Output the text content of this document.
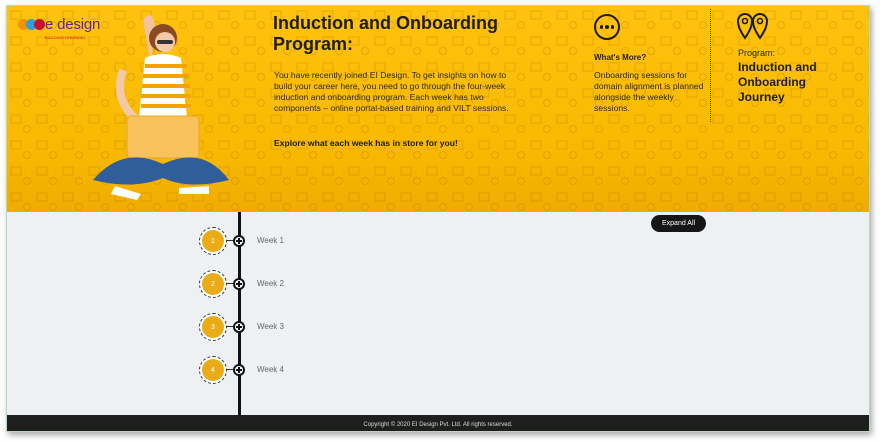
e design
BUILDING LEARNING
Induction and Onboarding Program:
You have recently joined EI Design. To get insights on how to build your career here, you need to go through the four-week induction and onboarding program. Each week has two components – online portal-based training and VILT sessions.
Explore what each week has in store for you!
What's More?
Onboarding sessions for domain alignment is planned alongside the weekly sessions.
Program:
Induction and Onboarding Journey
Expand All
1	Week 1
2	Week 2
3	Week 3
4	Week 4
Copyright © 2020 EI Design Pvt. Ltd. All rights reserved.
